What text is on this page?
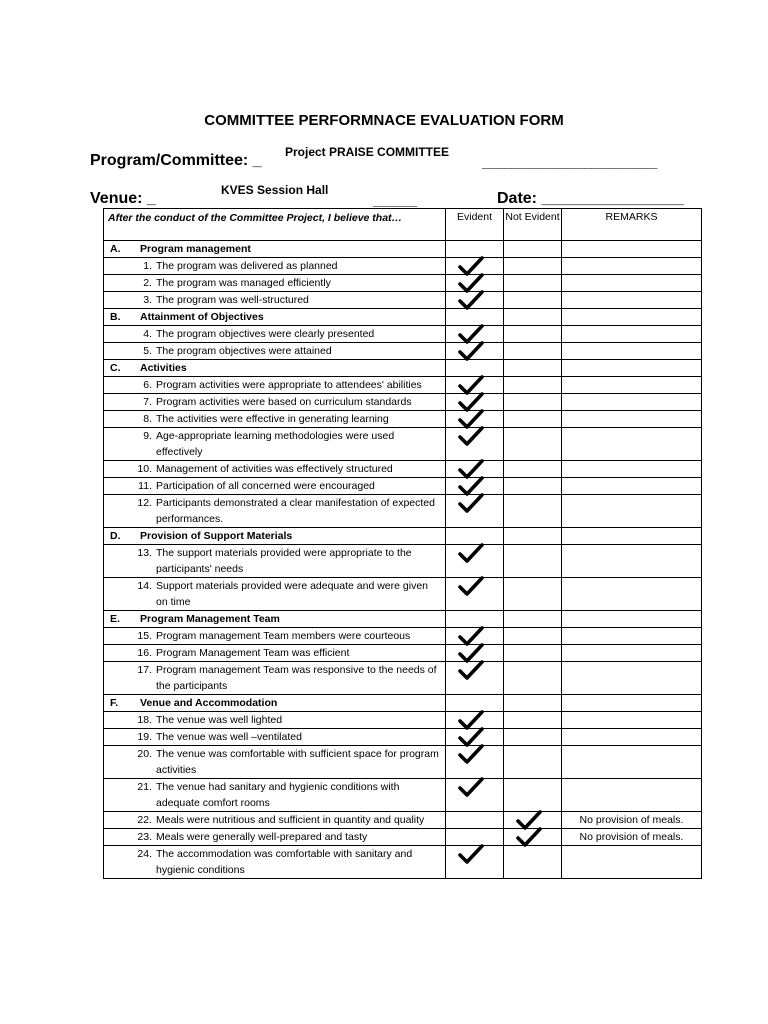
COMMITTEE PERFORMNACE EVALUATION FORM
Program/Committee: _ Project PRAISE COMMITTEE
________________________
Venue: _	KVES Session Hall
______	Date: ________________
After the conduct of the Committee Project, I believe that…	Evident	Not Evident	REMARKS
A. Program management			

1. The program was delivered as planned

2. The program was managed efficiently

3. The program was well-structured

B. Attainment of Objectives			

4. The program objectives were clearly presented

5. The program objectives were attained

C. Activities			

6. Program activities were appropriate to attendees' abilities

7. Program activities were based on curriculum standards

8. The activities were effective in generating learning

9. Age-appropriate learning methodologies were used effectively

10. Management of activities was effectively structured

11. Participation of all concerned were encouraged

12. Participants demonstrated a clear manifestation of expected performances.

D. Provision of Support Materials			

13. The support materials provided were appropriate to the participants' needs

14. Support materials provided were adequate and were given on time

E. Program Management Team			

15. Program management Team members were courteous

16. Program Management Team was efficient

17. Program management Team was responsive to the needs of the participants

F. Venue and Accommodation			

18. The venue was well lighted

19. The venue was well –ventilated

20. The venue was comfortable with sufficient space for program activities

21. The venue had sanitary and hygienic conditions with adequate comfort rooms

22. Meals were nutritious and sufficient in quantity and quality			No provision of meals.

23. Meals were generally well-prepared and tasty			No provision of meals.

24. The accommodation was comfortable with sanitary and hygienic conditions
